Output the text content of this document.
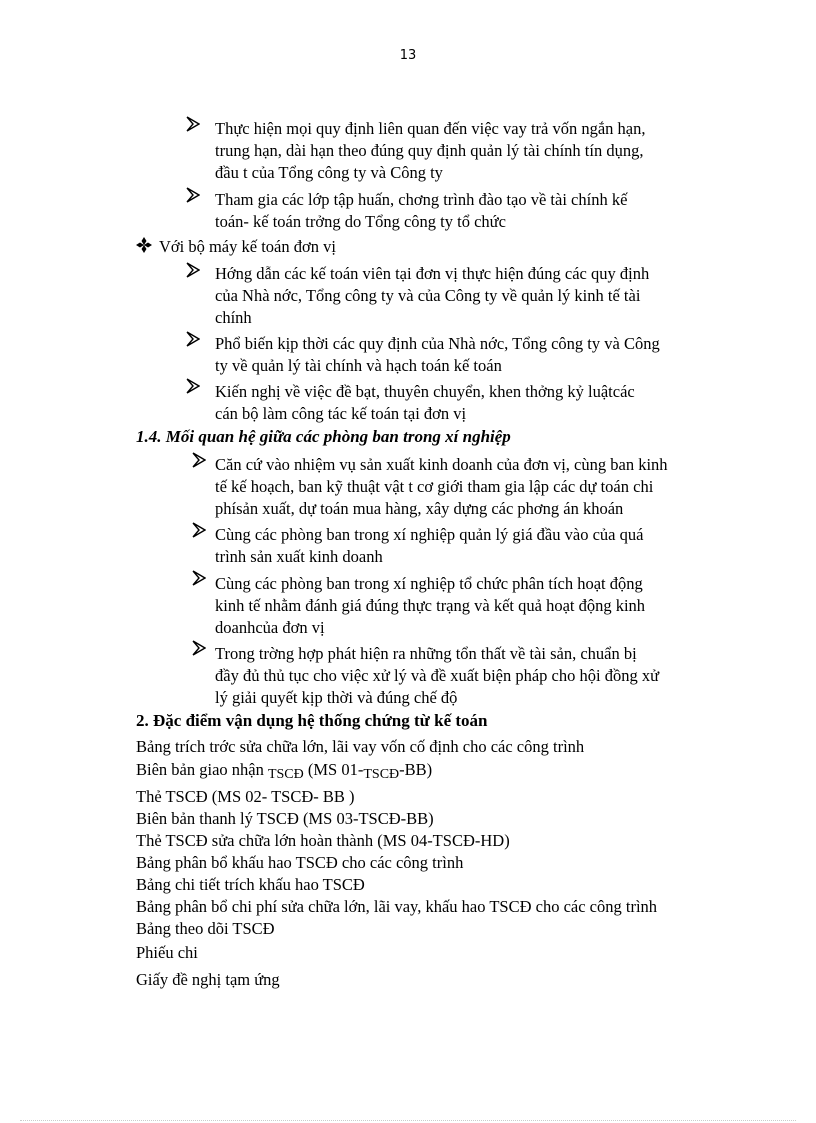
13
Thực hiện mọi quy định liên quan đến việc vay trả vốn ngắn hạn,
trung hạn, dài hạn theo đúng quy định quản lý tài chính tín dụng,
đầu t của Tổng công ty và Công ty
Tham gia các lớp tập huấn, chơng trình đào tạo về tài chính kế
toán- kế toán trởng do Tổng công ty tổ chức
Với bộ máy kế toán đơn vị
Hớng dẫn các kế toán viên tại đơn vị thực hiện đúng các quy định
của Nhà nớc, Tổng công ty và của Công ty về quản lý kinh tế tài
chính
Phổ biến kịp thời các quy định của Nhà nớc, Tổng công ty và Công
ty về quản lý tài chính và hạch toán kế toán
Kiến nghị về việc đề bạt, thuyên chuyển, khen thởng kỷ luậtcác
cán bộ làm công tác kế toán tại đơn vị
1.4. Mối quan hệ giữa các phòng ban trong xí nghiệp
Căn cứ vào nhiệm vụ sản xuất kinh doanh của đơn vị, cùng ban kinh
tế kế hoạch, ban kỹ thuật vật t cơ giới tham gia lập các dự toán chi
phísản xuất, dự toán mua hàng, xây dựng các phơng án khoán
Cùng các phòng ban trong xí nghiệp quản lý giá đầu vào của quá
trình sản xuất kinh doanh
Cùng các phòng ban trong xí nghiệp tổ chức phân tích hoạt động
kinh tế nhằm đánh giá đúng thực trạng và kết quả hoạt động kinh
doanhcủa đơn vị
Trong trờng hợp phát hiện ra những tổn thất về tài sản, chuẩn bị
đầy đủ thủ tục cho việc xử lý và đề xuất biện pháp cho hội đồng xử
lý giải quyết kịp thời và đúng chế độ
2. Đặc điểm vận dụng hệ thống chứng từ kế toán
Bảng trích trớc sửa chữa lớn, lãi vay vốn cố định cho các công trình
Biên bản giao nhận TSCĐ (MS 01-TSCĐ-BB)
Thẻ TSCĐ (MS 02- TSCĐ- BB )
Biên bản thanh lý TSCĐ (MS 03-TSCĐ-BB)
Thẻ TSCĐ sửa chữa lớn hoàn thành (MS 04-TSCĐ-HD)
Bảng phân bổ khấu hao TSCĐ cho các công trình
Bảng chi tiết trích khấu hao TSCĐ
Bảng phân bổ chi phí sửa chữa lớn, lãi vay, khấu hao TSCĐ cho các công trình
Bảng theo dõi TSCĐ
Phiếu chi
Giấy đề nghị tạm ứng
